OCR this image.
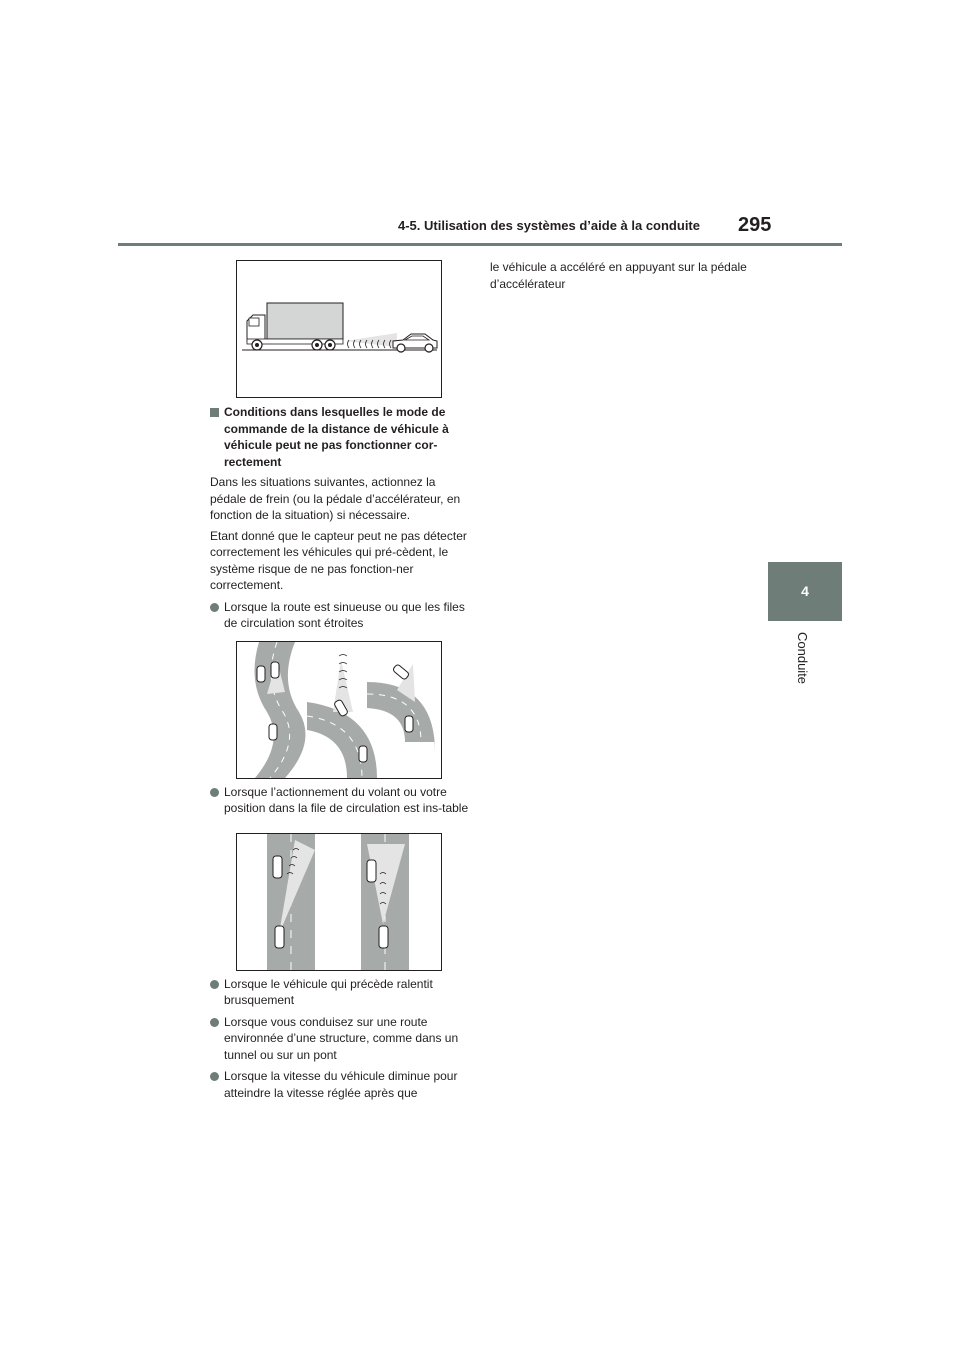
4-5. Utilisation des systèmes d’aide à la conduite 295
4
Conduite
Conditions dans lesquelles le mode de commande de la distance de véhicule à véhicule peut ne pas fonctionner cor-rectement

Dans les situations suivantes, actionnez la pédale de frein (ou la pédale d’accélérateur, en fonction de la situation) si nécessaire.

Etant donné que le capteur peut ne pas détecter correctement les véhicules qui pré-cèdent, le système risque de ne pas fonction-ner correctement.

Lorsque la route est sinueuse ou que les files de circulation sont étroites
Lorsque l’actionnement du volant ou votre position dans la file de circulation est ins-table
Lorsque le véhicule qui précède ralentit brusquement
Lorsque vous conduisez sur une route environnée d’une structure, comme dans un tunnel ou sur un pont
Lorsque la vitesse du véhicule diminue pour atteindre la vitesse réglée après que

le véhicule a accéléré en appuyant sur la pédale d’accélérateur
